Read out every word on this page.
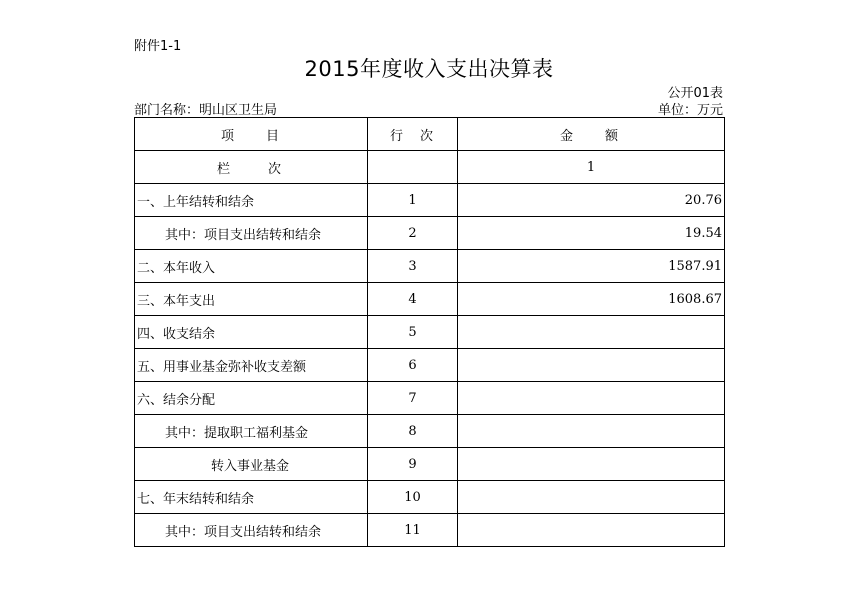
附件1-1
2015年度收入支出决算表
公开01表
部门名称：明山区卫生局	单位：万元
项　　目	行　次	金　　额
栏　　次		1
一、上年结转和结余	1	20.76
其中：项目支出结转和结余	2	19.54
二、本年收入	3	1587.91
三、本年支出	4	1608.67
四、收支结余	5	
五、用事业基金弥补收支差额	6	
六、结余分配	7	
其中：提取职工福利基金	8	
转入事业基金	9	
七、年末结转和结余	10	
其中：项目支出结转和结余	11	
